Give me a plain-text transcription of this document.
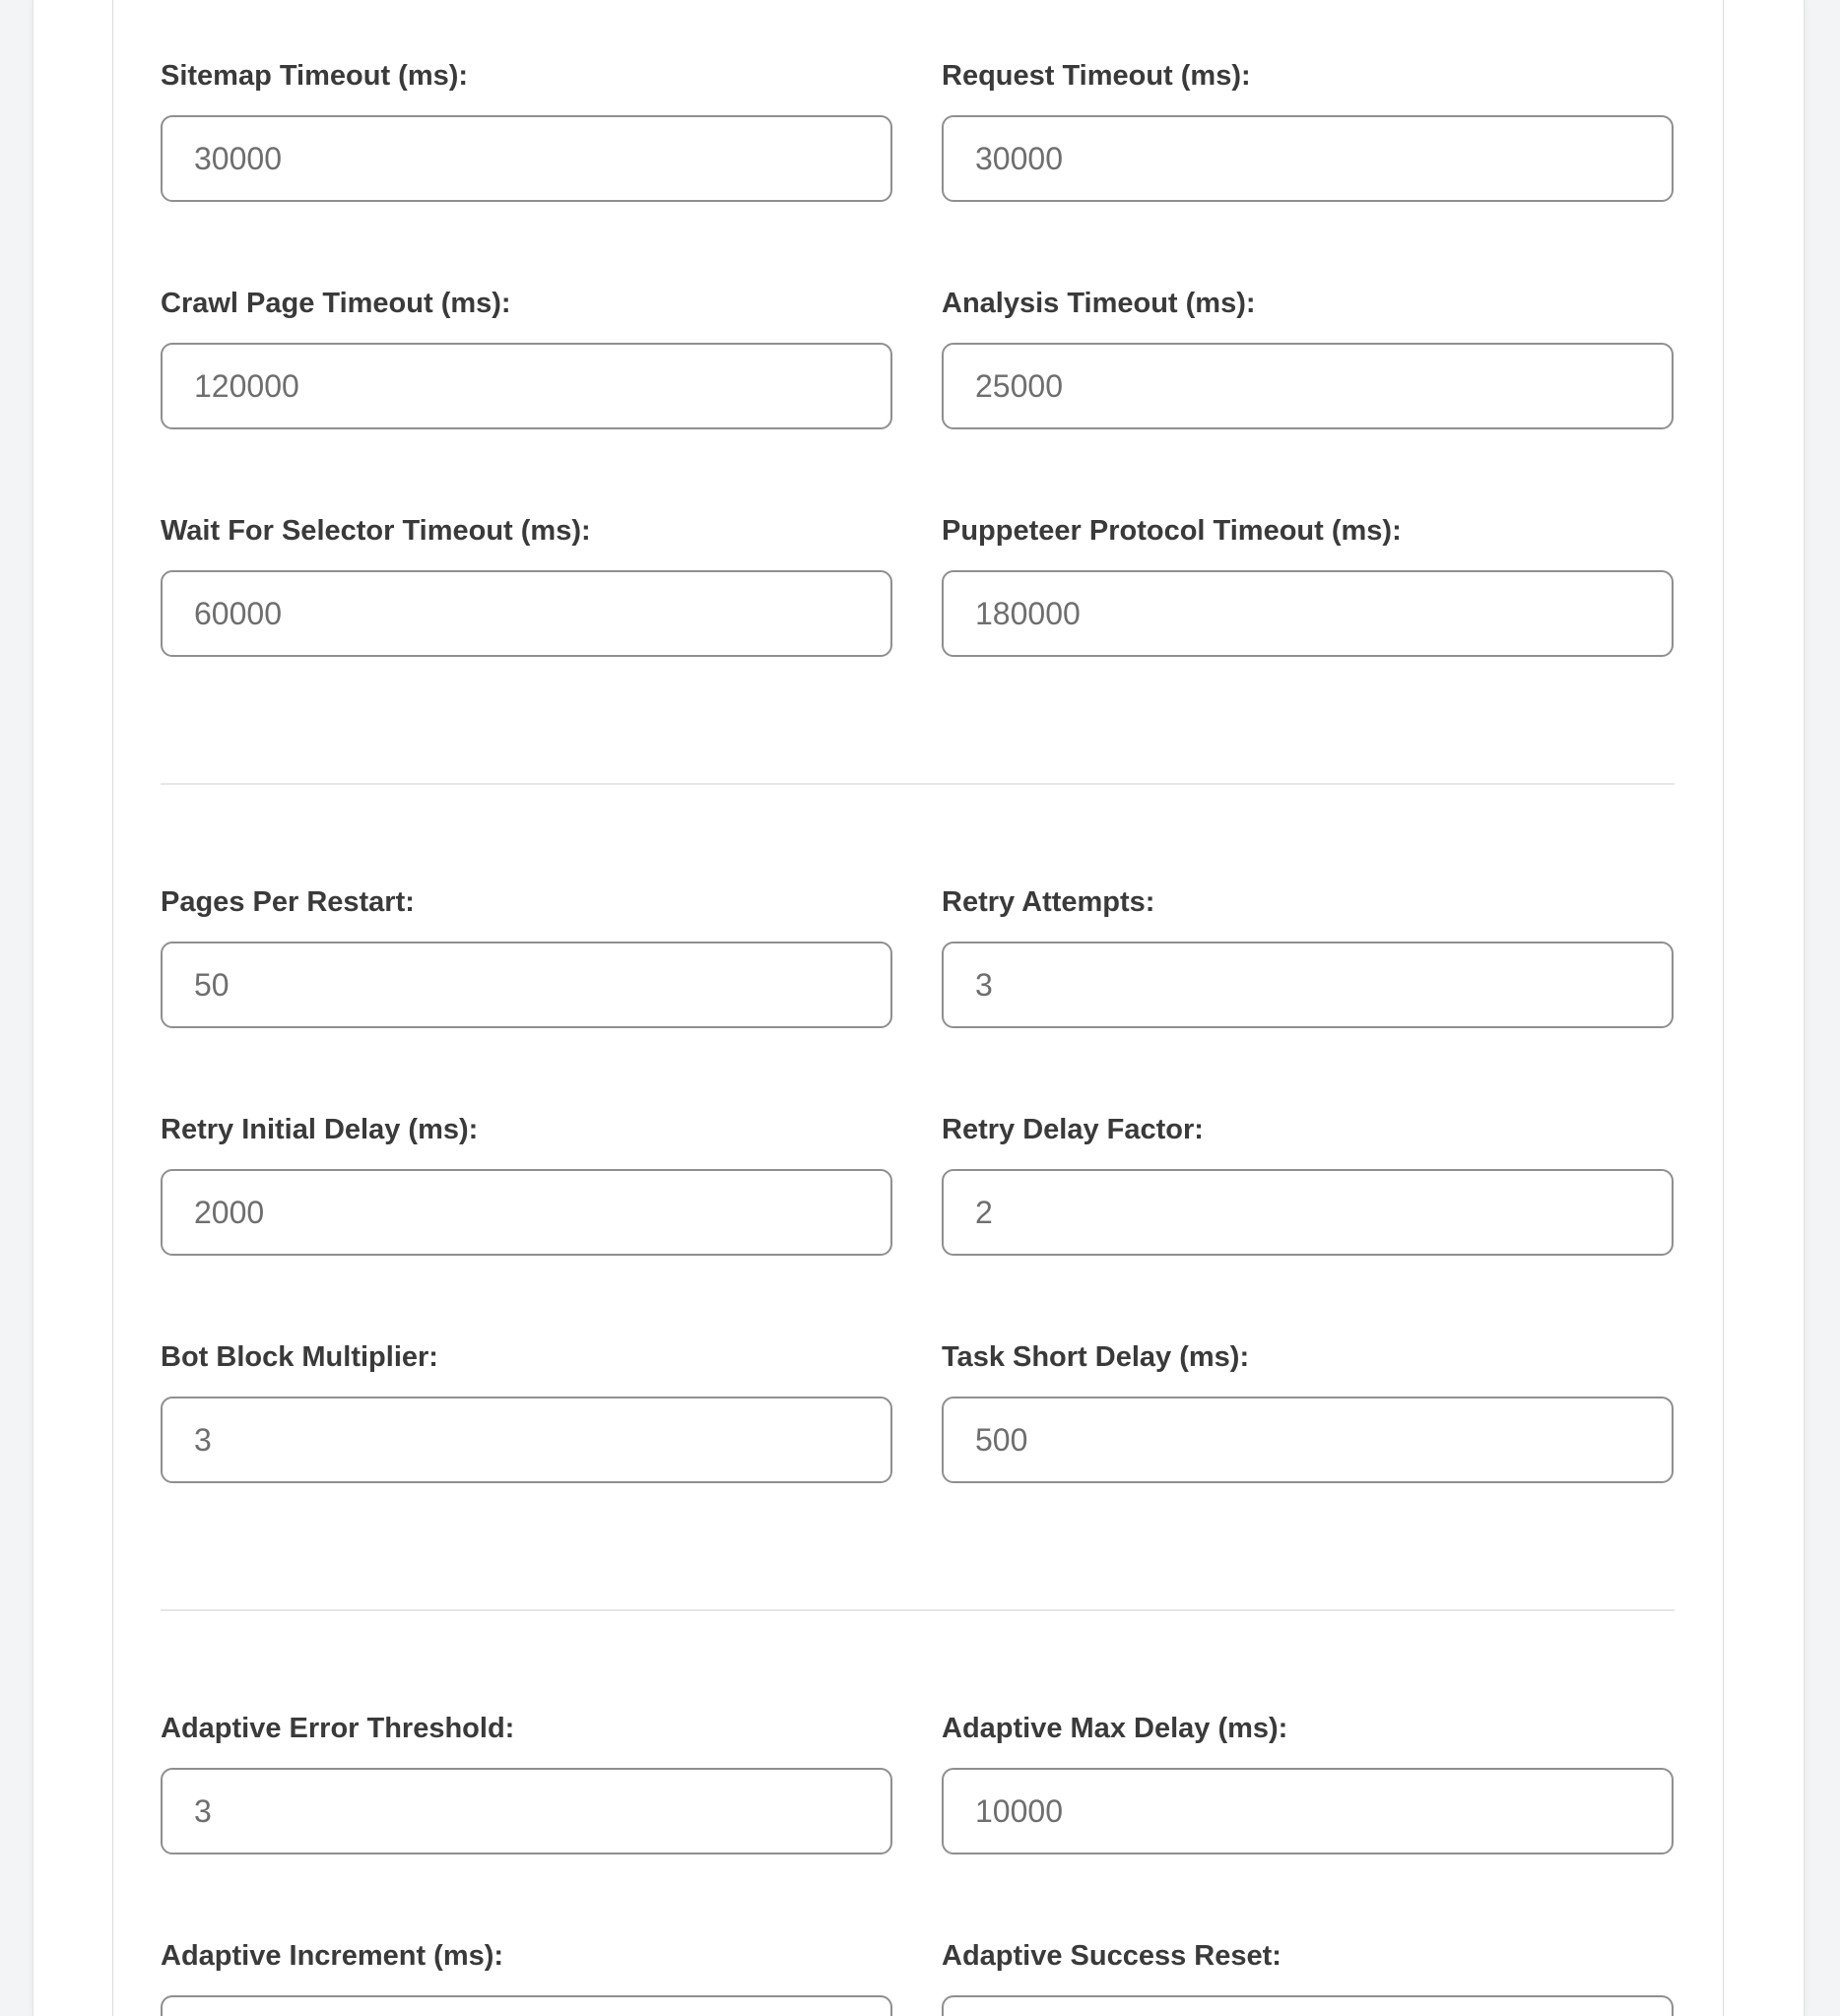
Sitemap Timeout (ms):
30000	Request Timeout (ms):
30000
Crawl Page Timeout (ms):
120000	Analysis Timeout (ms):
25000
Wait For Selector Timeout (ms):
60000	Puppeteer Protocol Timeout (ms):
180000
Pages Per Restart:
50	Retry Attempts:
3
Retry Initial Delay (ms):
2000	Retry Delay Factor:
2
Bot Block Multiplier:
3	Task Short Delay (ms):
500
Adaptive Error Threshold:
3	Adaptive Max Delay (ms):
10000
Adaptive Increment (ms):	Adaptive Success Reset:
